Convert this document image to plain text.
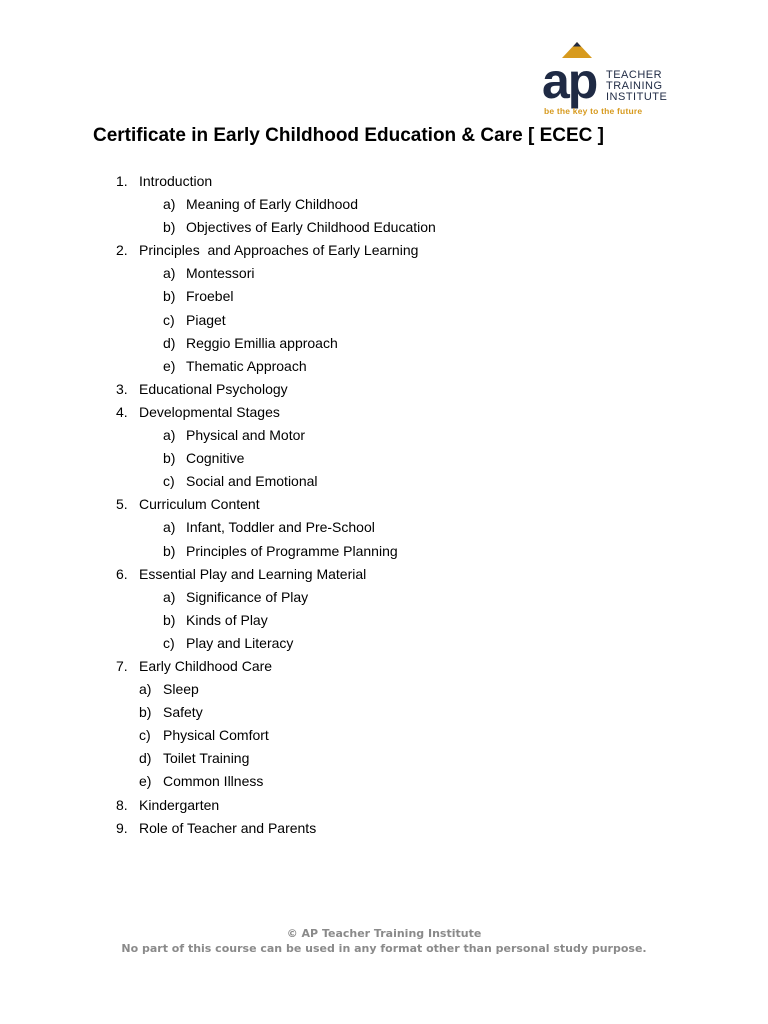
ap TEACHER
TRAINING
INSTITUTE
be the key to the future
Certificate in Early Childhood Education & Care [ ECEC ]
1. Introduction
a) Meaning of Early Childhood
b) Objectives of Early Childhood Education
2. Principles  and Approaches of Early Learning
a) Montessori
b) Froebel
c) Piaget
d) Reggio Emillia approach
e) Thematic Approach
3. Educational Psychology
4. Developmental Stages
a) Physical and Motor
b) Cognitive
c) Social and Emotional
5. Curriculum Content
a) Infant, Toddler and Pre-School
b) Principles of Programme Planning
6. Essential Play and Learning Material
a) Significance of Play
b) Kinds of Play
c) Play and Literacy
7. Early Childhood Care
a) Sleep
b) Safety
c) Physical Comfort
d) Toilet Training
e) Common Illness
8. Kindergarten
9. Role of Teacher and Parents
© AP Teacher Training Institute
No part of this course can be used in any format other than personal study purpose.
